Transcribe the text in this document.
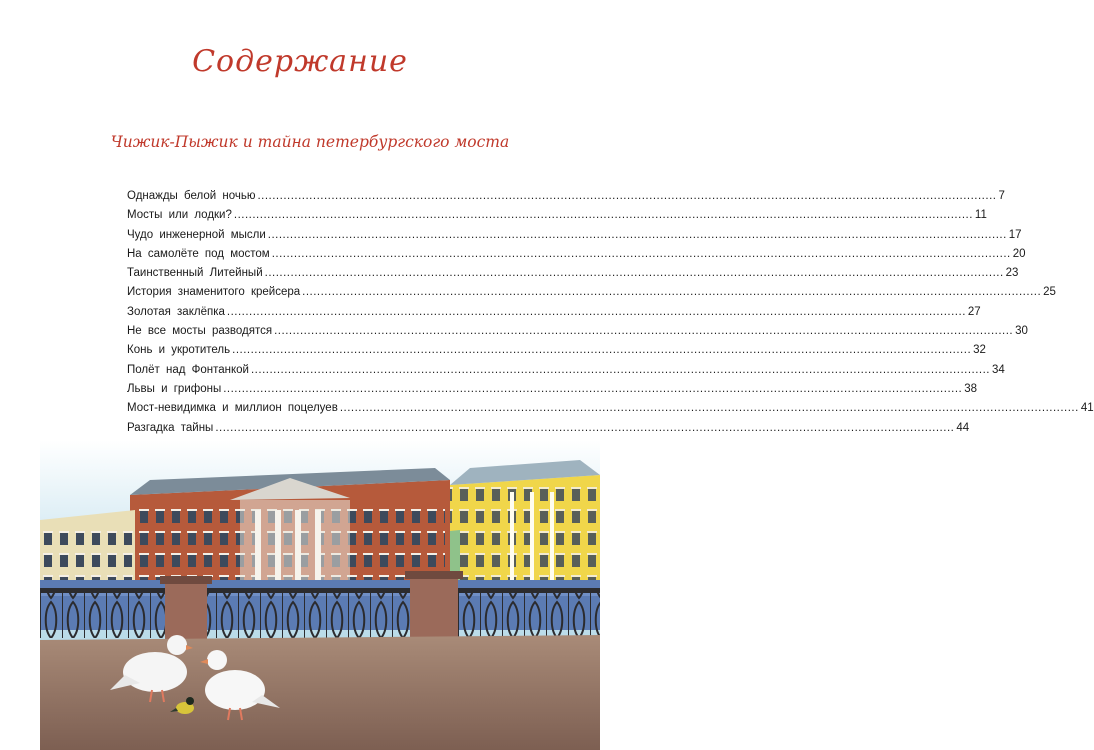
Содержание
Чижик-Пыжик и тайна петербургского моста
Однажды белой ночью ........................................................................................................................................................................................................ 7
Мосты или лодки? ........................................................................................................................................................................................................ 11
Чудо инженерной мысли ........................................................................................................................................................................................................ 17
На самолёте под мостом ........................................................................................................................................................................................................ 20
Таинственный Литейный ........................................................................................................................................................................................................ 23
История знаменитого крейсера ........................................................................................................................................................................................................ 25
Золотая заклёпка ........................................................................................................................................................................................................ 27
Не все мосты разводятся ........................................................................................................................................................................................................ 30
Конь и укротитель ........................................................................................................................................................................................................ 32
Полёт над Фонтанкой ........................................................................................................................................................................................................ 34
Львы и грифоны ........................................................................................................................................................................................................ 38
Мост-невидимка и миллион поцелуев ........................................................................................................................................................................................................ 41
Разгадка тайны ........................................................................................................................................................................................................ 44
